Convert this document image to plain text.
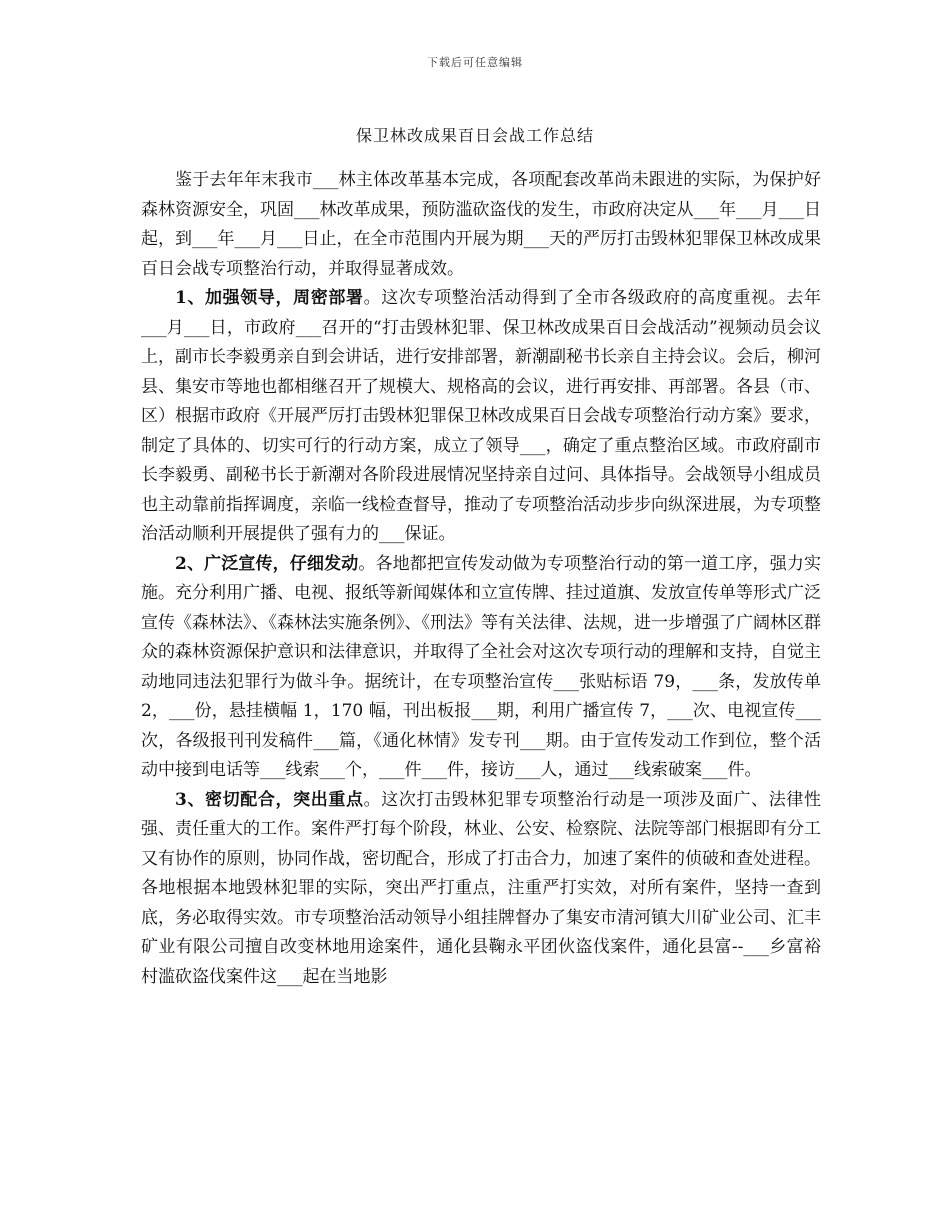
下载后可任意编辑
保卫林改成果百日会战工作总结

鉴于去年年末我市___林主体改革基本完成，各项配套改革尚未跟进的实际，为保护好森林资源安全，巩固___林改革成果，预防滥砍盗伐的发生，市政府决定从___年___月___日起，到___年___月___日止，在全市范围内开展为期___天的严厉打击毁林犯罪保卫林改成果百日会战专项整治行动，并取得显著成效。

1、加强领导，周密部署。这次专项整治活动得到了全市各级政府的高度重视。去年___月___日，市政府___召开的“打击毁林犯罪、保卫林改成果百日会战活动”视频动员会议上，副市长李毅勇亲自到会讲话，进行安排部署，新潮副秘书长亲自主持会议。会后，柳河县、集安市等地也都相继召开了规模大、规格高的会议，进行再安排、再部署。各县（市、区）根据市政府《开展严厉打击毁林犯罪保卫林改成果百日会战专项整治行动方案》要求，制定了具体的、切实可行的行动方案，成立了领导___，确定了重点整治区域。市政府副市长李毅勇、副秘书长于新潮对各阶段进展情况坚持亲自过问、具体指导。会战领导小组成员也主动靠前指挥调度，亲临一线检查督导，推动了专项整治活动步步向纵深进展，为专项整治活动顺利开展提供了强有力的___保证。

2、广泛宣传，仔细发动。各地都把宣传发动做为专项整治行动的第一道工序，强力实施。充分利用广播、电视、报纸等新闻媒体和立宣传牌、挂过道旗、发放宣传单等形式广泛宣传《森林法》、《森林法实施条例》、《刑法》等有关法律、法规，进一步增强了广阔林区群众的森林资源保护意识和法律意识，并取得了全社会对这次专项行动的理解和支持，自觉主动地同违法犯罪行为做斗争。据统计，在专项整治宣传___张贴标语 79，___条，发放传单 2，___份，悬挂横幅 1，170 幅，刊出板报___期，利用广播宣传 7，___次、电视宣传___次，各级报刊刊发稿件___篇，《通化林情》发专刊___期。由于宣传发动工作到位，整个活动中接到电话等___线索___个，___件___件，接访___人，通过___线索破案___件。

3、密切配合，突出重点。这次打击毁林犯罪专项整治行动是一项涉及面广、法律性强、责任重大的工作。案件严打每个阶段，林业、公安、检察院、法院等部门根据即有分工又有协作的原则，协同作战，密切配合，形成了打击合力，加速了案件的侦破和查处进程。各地根据本地毁林犯罪的实际，突出严打重点，注重严打实效，对所有案件，坚持一查到底，务必取得实效。市专项整治活动领导小组挂牌督办了集安市清河镇大川矿业公司、汇丰矿业有限公司擅自改变林地用途案件，通化县鞠永平团伙盗伐案件，通化县富--___乡富裕村滥砍盗伐案件这___起在当地影
